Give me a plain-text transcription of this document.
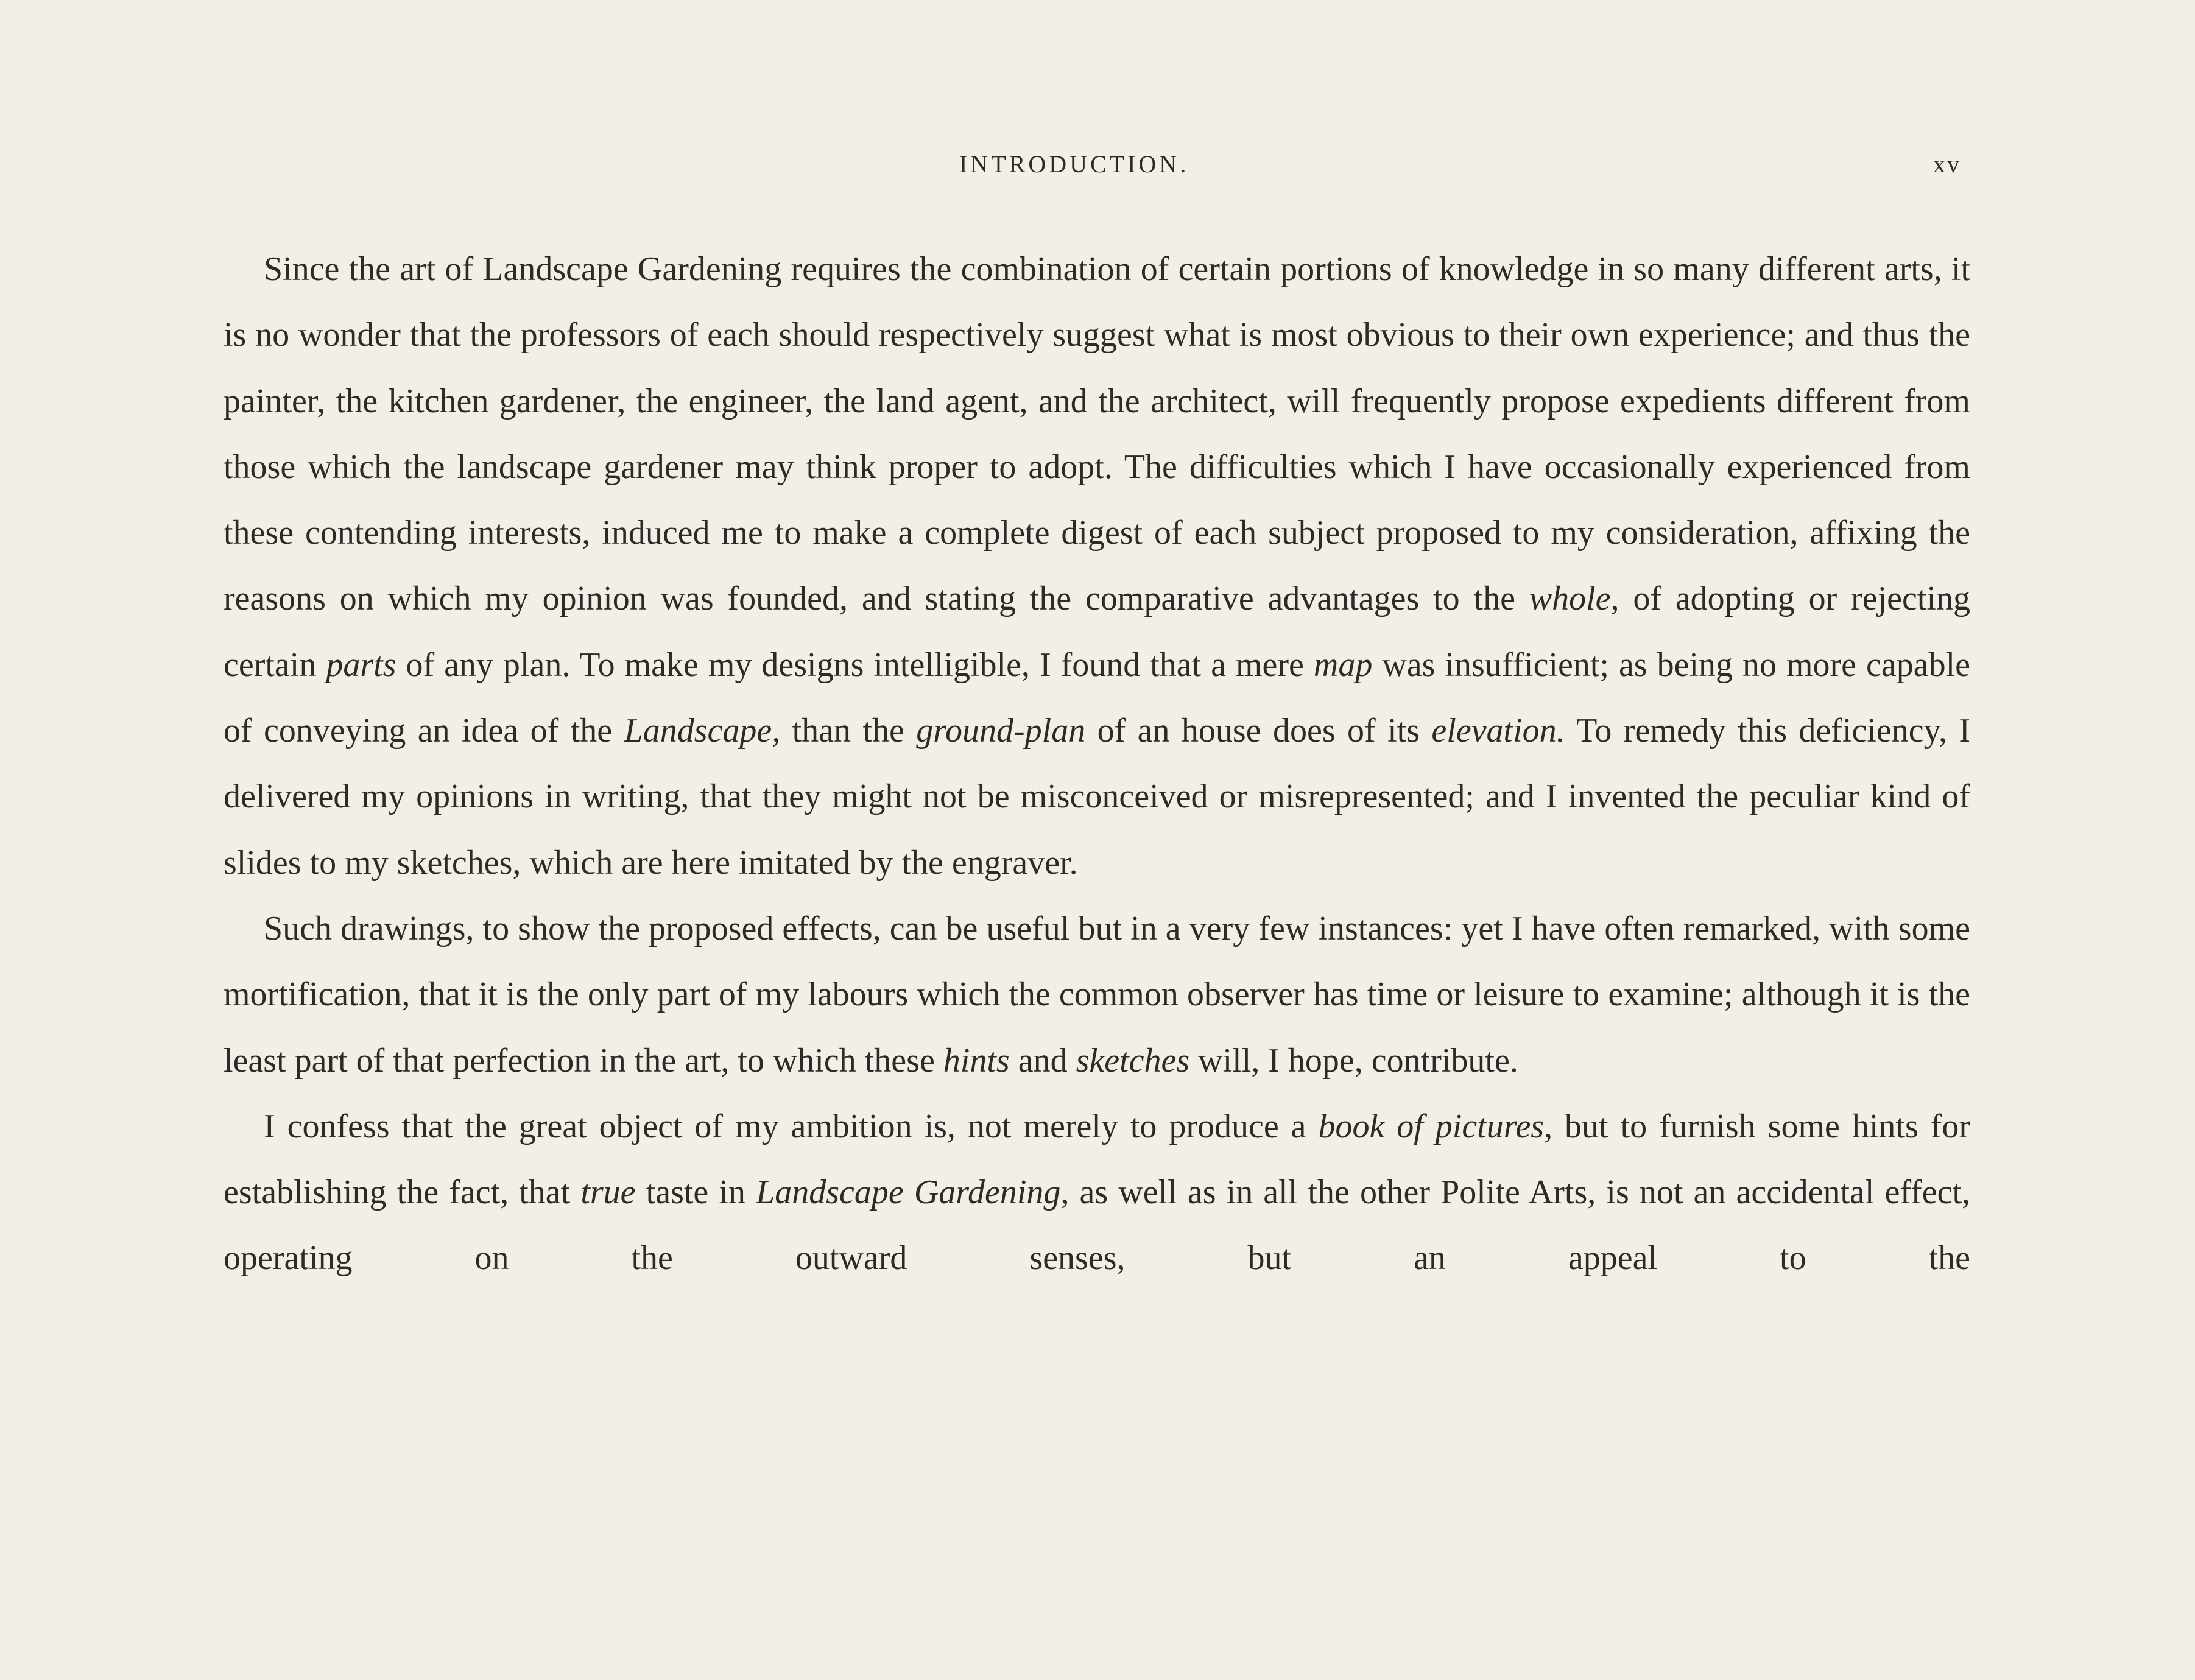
INTRODUCTION.	xv

Since the art of Landscape Gardening requires the combination of certain portions of knowledge in so many different arts, it is no wonder that the professors of each should respectively suggest what is most obvious to their own experience; and thus the painter, the kitchen gardener, the engineer, the land agent, and the architect, will frequently propose expedients different from those which the landscape gardener may think proper to adopt. The difficulties which I have occasionally experienced from these contending interests, induced me to make a complete digest of each subject proposed to my consideration, affixing the reasons on which my opinion was founded, and stating the comparative advantages to the whole, of adopting or rejecting certain parts of any plan. To make my designs intelligible, I found that a mere map was insufficient; as being no more capable of conveying an idea of the Landscape, than the ground-plan of an house does of its elevation. To remedy this deficiency, I delivered my opinions in writing, that they might not be misconceived or misrepresented; and I invented the peculiar kind of slides to my sketches, which are here imitated by the engraver.

Such drawings, to show the proposed effects, can be useful but in a very few instances: yet I have often remarked, with some mortification, that it is the only part of my labours which the common observer has time or leisure to examine; although it is the least part of that perfection in the art, to which these hints and sketches will, I hope, contribute.

I confess that the great object of my ambition is, not merely to produce a book of pictures, but to furnish some hints for establishing the fact, that true taste in Landscape Gardening, as well as in all the other Polite Arts, is not an accidental effect, operating on the outward senses, but an appeal to the
